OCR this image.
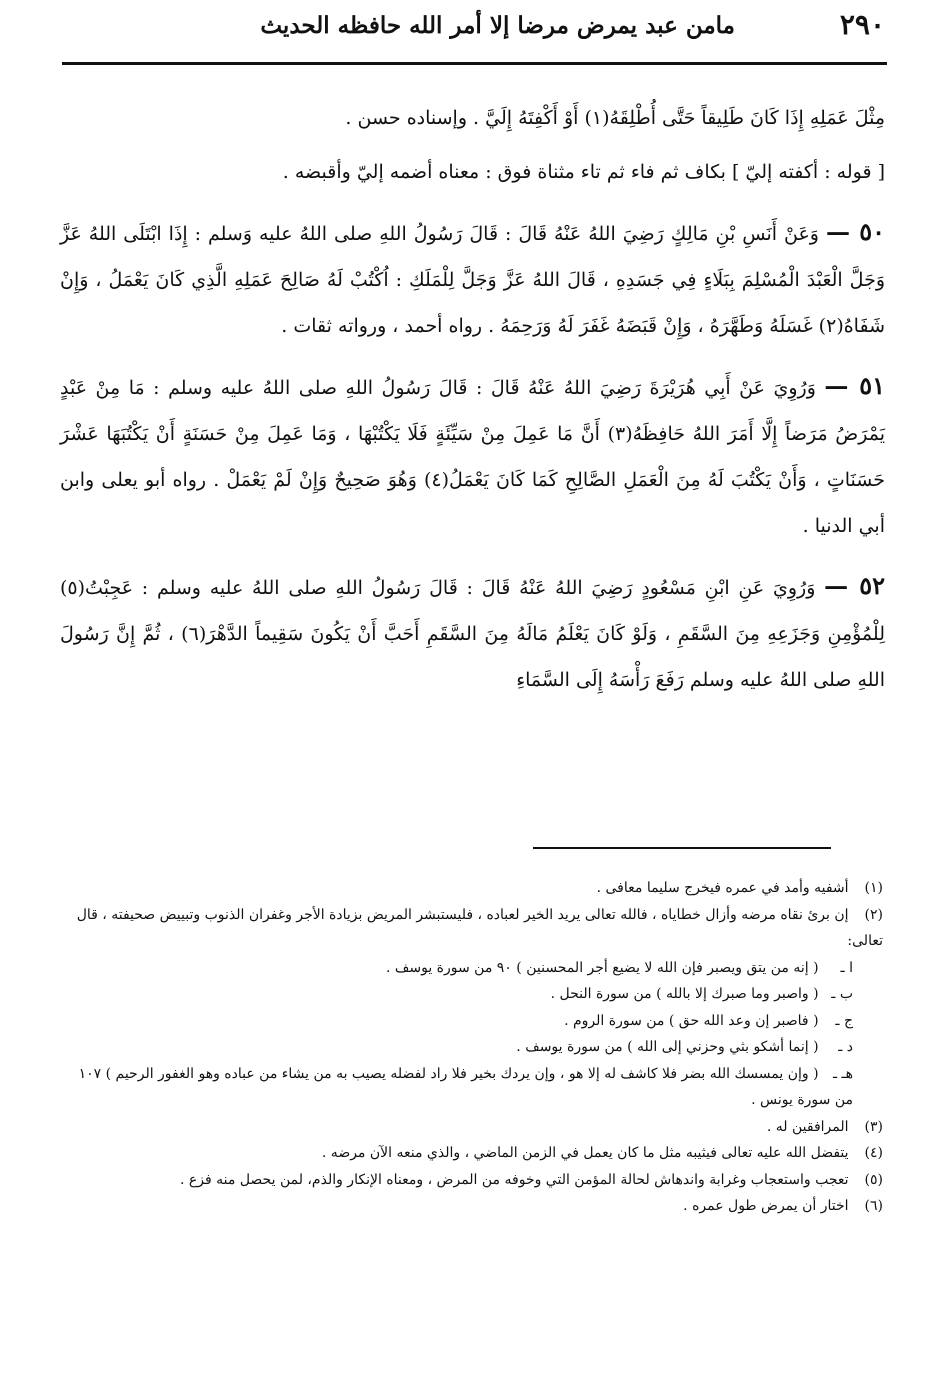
٢٩٠
مامن عبد يمرض مرضا إلا أمر الله حافظه الحديث

مِثْلَ عَمَلِهِ إِذَا كَانَ طَلِيقاً حَتَّى أُطْلِقَهُ(١) أَوْ أَكْفِتَهُ إِلَيَّ . وإسناده حسن .

[ قوله : أكفته إليّ ] بكاف ثم فاء ثم تاء مثناة فوق : معناه أضمه إليّ وأقبضه .

٥٠ — وَعَنْ أَنَسِ بْنِ مَالِكٍ رَضِيَ اللهُ عَنْهُ قَالَ : قَالَ رَسُولُ اللهِ صلى اللهُ عليه وَسلم : إِذَا ابْتَلَى اللهُ عَزَّ وَجَلَّ الْعَبْدَ الْمُسْلِمَ بِبَلَاءٍ فِي جَسَدِهِ ، قَالَ اللهُ عَزَّ وَجَلَّ لِلْمَلَكِ : اُكْتُبْ لَهُ صَالِحَ عَمَلِهِ الَّذِي كَانَ يَعْمَلُ ، وَإِنْ شَفَاهُ(٢) غَسَلَهُ وَطَهَّرَهُ ، وَإِنْ قَبَضَهُ غَفَرَ لَهُ وَرَحِمَهُ . رواه أحمد ، ورواته ثقات .

٥١ — وَرُوِيَ عَنْ أَبِي هُرَيْرَةَ رَضِيَ اللهُ عَنْهُ قَالَ : قَالَ رَسُولُ اللهِ صلى اللهُ عليه وسلم : مَا مِنْ عَبْدٍ يَمْرَضُ مَرَضاً إِلَّا أَمَرَ اللهُ حَافِظَهُ(٣) أَنَّ مَا عَمِلَ مِنْ سَيِّئَةٍ فَلَا يَكْتُبْهَا ، وَمَا عَمِلَ مِنْ حَسَنَةٍ أَنْ يَكْتُبَهَا عَشْرَ حَسَنَاتٍ ، وَأَنْ يَكْتُبَ لَهُ مِنَ الْعَمَلِ الصَّالِحِ كَمَا كَانَ يَعْمَلُ(٤) وَهُوَ صَحِيحٌ وَإِنْ لَمْ يَعْمَلْ . رواه أبو يعلى وابن أبي الدنيا .

٥٢ — وَرُوِيَ عَنِ ابْنِ مَسْعُودٍ رَضِيَ اللهُ عَنْهُ قَالَ : قَالَ رَسُولُ اللهِ صلى اللهُ عليه وسلم : عَجِبْتُ(٥) لِلْمُؤْمِنِ وَجَزَعِهِ مِنَ السَّقَمِ ، وَلَوْ كَانَ يَعْلَمُ مَالَهُ مِنَ السَّقَمِ أَحَبَّ أَنْ يَكُونَ سَقِيماً الدَّهْرَ(٦) ، ثُمَّ إِنَّ رَسُولَ اللهِ صلى اللهُ عليه وسلم رَفَعَ رَأْسَهُ إِلَى السَّمَاءِ

(١) أشفيه وأمد في عمره فيخرج سليما معافى .

(٢) إن برئ نقاه مرضه وأزال خطاياه ، فالله تعالى يريد الخير لعباده ، فليستبشر المريض بزيادة الأجر وغفران الذنوب وتبييض صحيفته ، قال تعالى:

ا ـ ( إنه من يتق ويصبر فإن الله لا يضيع أجر المحسنين ) ٩٠ من سورة يوسف .

ب ـ ( واصبر وما صبرك إلا بالله ) من سورة النحل .

ج ـ ( فاصبر إن وعد الله حق ) من سورة الروم .

د ـ ( إنما أشكو بثي وحزني إلى الله ) من سورة يوسف .

هـ ـ ( وإن يمسسك الله بضر فلا كاشف له إلا هو ، وإن يردك بخير فلا راد لفضله يصيب به من يشاء من عباده وهو الغفور الرحيم ) ١٠٧ من سورة يونس .

(٣) المرافقين له .

(٤) يتفضل الله عليه تعالى فيثيبه مثل ما كان يعمل في الزمن الماضي ، والذي منعه الآن مرضه .

(٥) تعجب واستعجاب وغرابة واندهاش لحالة المؤمن التي وخوفه من المرض ، ومعناه الإنكار والذم، لمن يحصل منه فزع .

(٦) اختار أن يمرض طول عمره .
